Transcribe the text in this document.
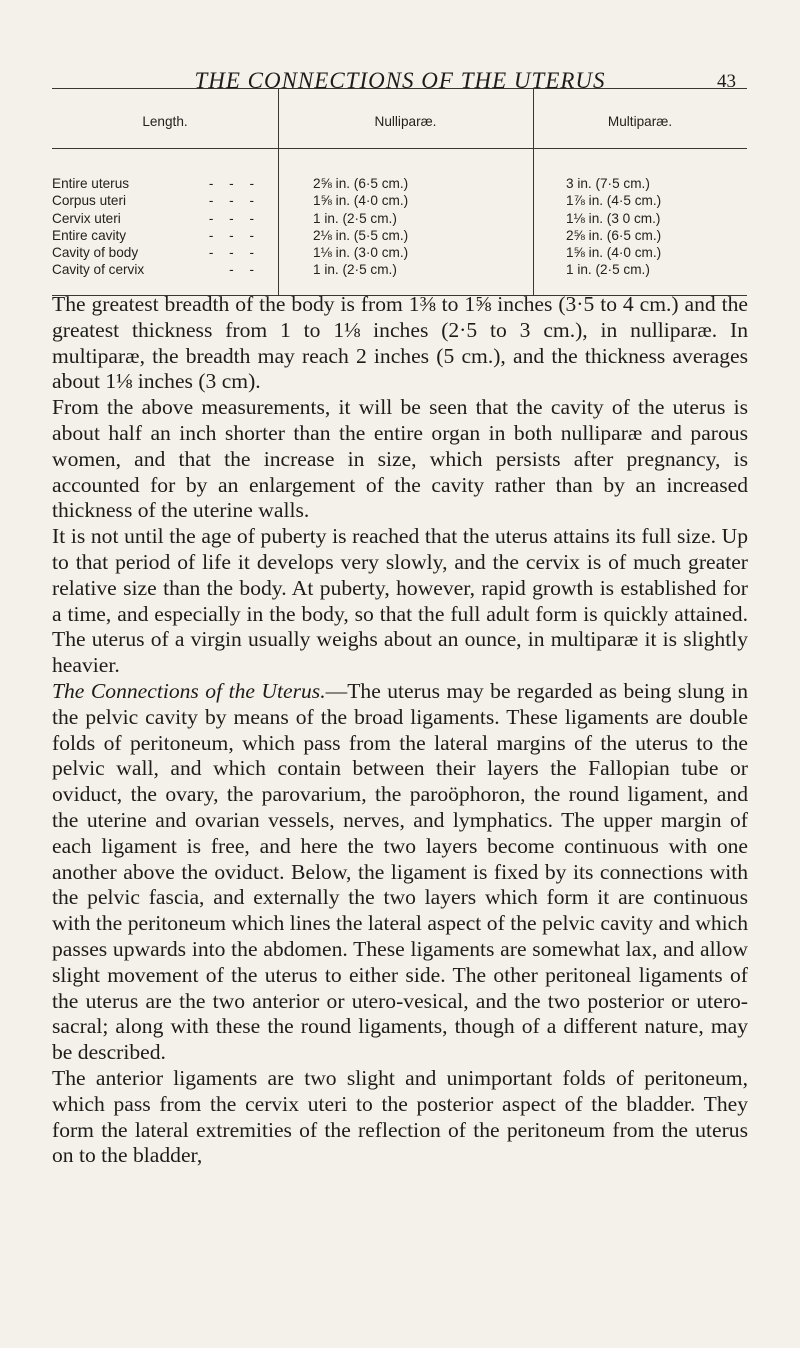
THE CONNECTIONS OF THE UTERUS	43
Length.	Nulliparæ.	Multiparæ.
Entire uterus - - -	2⅝ in. (6·5 cm.)	3 in. (7·5 cm.)
Corpus uteri - - -	1⅝ in. (4·0 cm.)	1⅞ in. (4·5 cm.)
Cervix uteri - - -	1 in. (2·5 cm.)	1⅛ in. (3 0 cm.)
Entire cavity - - -	2⅛ in. (5·5 cm.)	2⅝ in. (6·5 cm.)
Cavity of body - - -	1⅛ in. (3·0 cm.)	1⅝ in. (4·0 cm.)
Cavity of cervix - -	1 in. (2·5 cm.)	1 in. (2·5 cm.)

The greatest breadth of the body is from 1⅜ to 1⅝ inches (3·5 to 4 cm.) and the greatest thickness from 1 to 1⅛ inches (2·5 to 3 cm.), in nulliparæ. In multiparæ, the breadth may reach 2 inches (5 cm.), and the thickness averages about 1⅛ inches (3 cm).

From the above measurements, it will be seen that the cavity of the uterus is about half an inch shorter than the entire organ in both nulliparæ and parous women, and that the increase in size, which persists after pregnancy, is accounted for by an enlargement of the cavity rather than by an increased thickness of the uterine walls.

It is not until the age of puberty is reached that the uterus attains its full size. Up to that period of life it develops very slowly, and the cervix is of much greater relative size than the body. At puberty, however, rapid growth is established for a time, and especially in the body, so that the full adult form is quickly attained. The uterus of a virgin usually weighs about an ounce, in multiparæ it is slightly heavier.

The Connections of the Uterus.—The uterus may be regarded as being slung in the pelvic cavity by means of the broad ligaments. These ligaments are double folds of peritoneum, which pass from the lateral margins of the uterus to the pelvic wall, and which contain between their layers the Fallopian tube or oviduct, the ovary, the parovarium, the paroöphoron, the round ligament, and the uterine and ovarian vessels, nerves, and lymphatics. The upper margin of each ligament is free, and here the two layers become continuous with one another above the oviduct. Below, the ligament is fixed by its connections with the pelvic fascia, and externally the two layers which form it are continuous with the peritoneum which lines the lateral aspect of the pelvic cavity and which passes upwards into the abdomen. These ligaments are somewhat lax, and allow slight movement of the uterus to either side. The other peritoneal ligaments of the uterus are the two anterior or utero-vesical, and the two posterior or utero-sacral; along with these the round ligaments, though of a different nature, may be described.

The anterior ligaments are two slight and unimportant folds of peritoneum, which pass from the cervix uteri to the posterior aspect of the bladder. They form the lateral extremities of the reflection of the peritoneum from the uterus on to the bladder,
